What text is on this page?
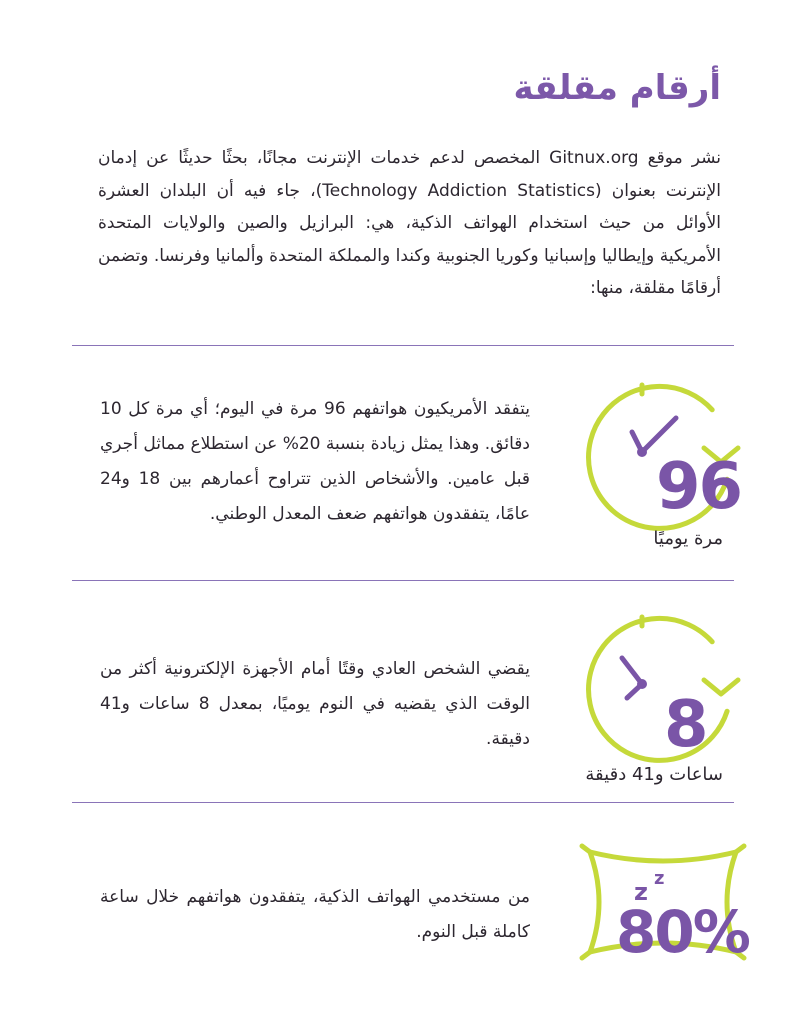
أرقام مقلقة

نشر موقع Gitnux.org المخصص لدعم خدمات الإنترنت مجانًا، بحثًا حديثًا عن إدمان الإنترنت بعنوان (Technology Addiction Statistics)، جاء فيه أن البلدان العشرة الأوائل من حيث استخدام الهواتف الذكية، هي: البرازيل والصين والولايات المتحدة الأمريكية وإيطاليا وإسبانيا وكوريا الجنوبية وكندا والمملكة المتحدة وألمانيا وفرنسا. وتضمن أرقامًا مقلقة، منها:

96
مرة يوميًا

يتفقد الأمريكيون هواتفهم 96 مرة في اليوم؛ أي مرة كل 10 دقائق. وهذا يمثل زيادة بنسبة 20% عن استطلاع مماثل أجري قبل عامين. والأشخاص الذين تتراوح أعمارهم بين 18 و24 عامًا، يتفقدون هواتفهم ضعف المعدل الوطني.

8
ساعات و41 دقيقة

يقضي الشخص العادي وقتًا أمام الأجهزة الإلكترونية أكثر من الوقت الذي يقضيه في النوم يوميًا، بمعدل 8 ساعات و41 دقيقة.

z z
80%

من مستخدمي الهواتف الذكية، يتفقدون هواتفهم خلال ساعة كاملة قبل النوم.
